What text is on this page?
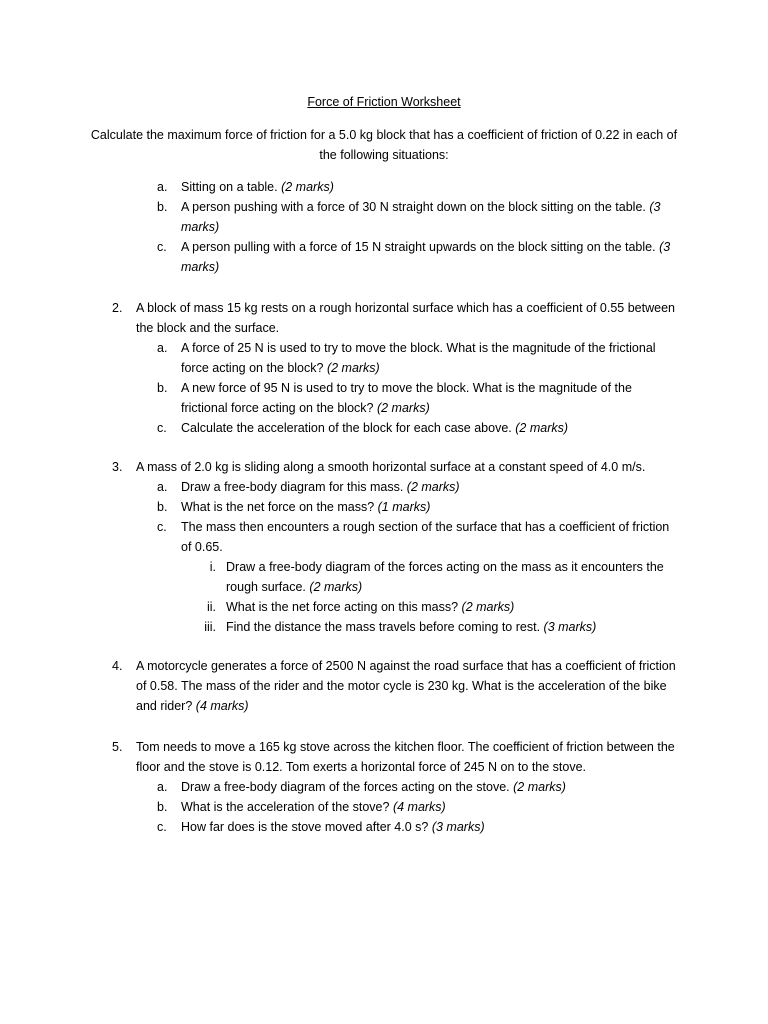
Force of Friction Worksheet
Calculate the maximum force of friction for a 5.0 kg block that has a coefficient of friction of 0.22 in each of the following situations:
a. Sitting on a table. (2 marks)
b. A person pushing with a force of 30 N straight down on the block sitting on the table. (3 marks)
c. A person pulling with a force of 15 N straight upwards on the block sitting on the table. (3 marks)
2. A block of mass 15 kg rests on a rough horizontal surface which has a coefficient of 0.55 between the block and the surface.
a. A force of 25 N is used to try to move the block. What is the magnitude of the frictional force acting on the block? (2 marks)
b. A new force of 95 N is used to try to move the block. What is the magnitude of the frictional force acting on the block? (2 marks)
c. Calculate the acceleration of the block for each case above. (2 marks)
3. A mass of 2.0 kg is sliding along a smooth horizontal surface at a constant speed of 4.0 m/s.
a. Draw a free-body diagram for this mass. (2 marks)
b. What is the net force on the mass? (1 marks)
c. The mass then encounters a rough section of the surface that has a coefficient of friction of 0.65.
i. Draw a free-body diagram of the forces acting on the mass as it encounters the rough surface. (2 marks)
ii. What is the net force acting on this mass? (2 marks)
iii. Find the distance the mass travels before coming to rest. (3 marks)
4. A motorcycle generates a force of 2500 N against the road surface that has a coefficient of friction of 0.58. The mass of the rider and the motor cycle is 230 kg. What is the acceleration of the bike and rider? (4 marks)
5. Tom needs to move a 165 kg stove across the kitchen floor. The coefficient of friction between the floor and the stove is 0.12. Tom exerts a horizontal force of 245 N on to the stove.
a. Draw a free-body diagram of the forces acting on the stove. (2 marks)
b. What is the acceleration of the stove? (4 marks)
c. How far does is the stove moved after 4.0 s? (3 marks)
